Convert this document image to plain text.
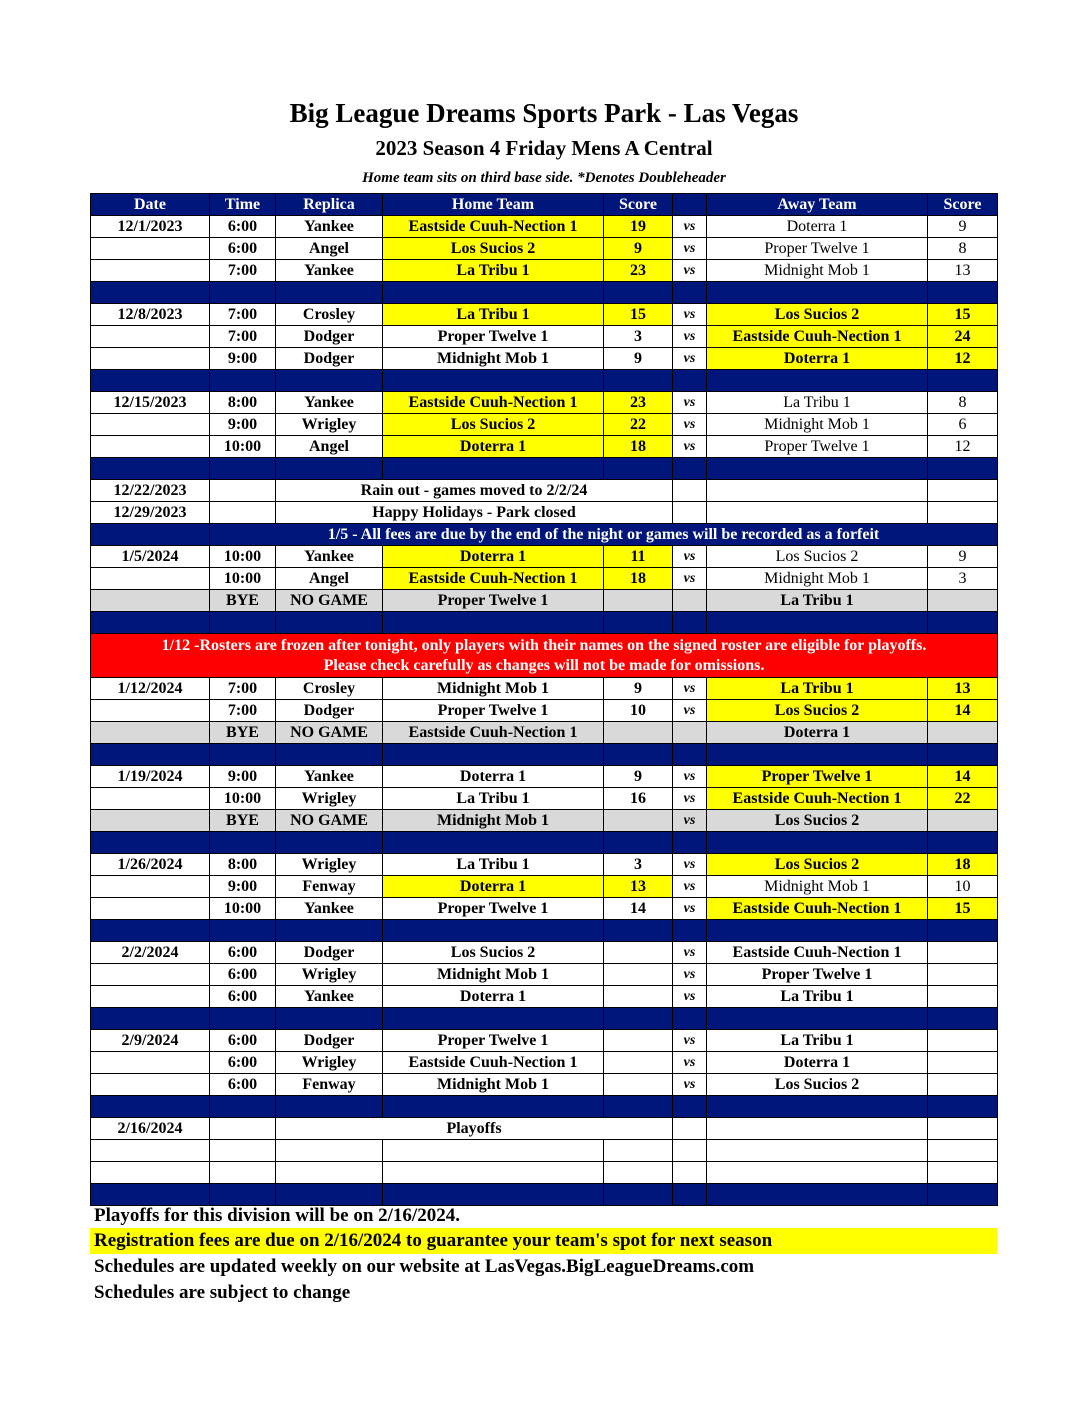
Big League Dreams Sports Park - Las Vegas
2023 Season 4 Friday Mens A Central
Home team sits on third base side. *Denotes Doubleheader
Date	Time	Replica	Home Team	Score		Away Team	Score
12/1/2023	6:00	Yankee	Eastside Cuuh-Nection 1	19	vs	Doterra 1	9
	6:00	Angel	Los Sucios 2	9	vs	Proper Twelve 1	8
	7:00	Yankee	La Tribu 1	23	vs	Midnight Mob 1	13

12/8/2023	7:00	Crosley	La Tribu 1	15	vs	Los Sucios 2	15
	7:00	Dodger	Proper Twelve 1	3	vs	Eastside Cuuh-Nection 1	24
	9:00	Dodger	Midnight Mob 1	9	vs	Doterra 1	12

12/15/2023	8:00	Yankee	Eastside Cuuh-Nection 1	23	vs	La Tribu 1	8
	9:00	Wrigley	Los Sucios 2	22	vs	Midnight Mob 1	6
	10:00	Angel	Doterra 1	18	vs	Proper Twelve 1	12

12/22/2023		Rain out - games moved to 2/2/24					
12/29/2023		Happy Holidays - Park closed					
	1/5 - All fees are due by the end of the night or games will be recorded as a forfeit						
1/5/2024	10:00	Yankee	Doterra 1	11	vs	Los Sucios 2	9
	10:00	Angel	Eastside Cuuh-Nection 1	18	vs	Midnight Mob 1	3
	BYE	NO GAME	Proper Twelve 1			La Tribu 1	

1/12 -Rosters are frozen after tonight, only players with their names on the signed roster are eligible for playoffs.
Please check carefully as changes will not be made for omissions.							

1/12/2024	7:00	Crosley	Midnight Mob 1	9	vs	La Tribu 1	13
	7:00	Dodger	Proper Twelve 1	10	vs	Los Sucios 2	14
	BYE	NO GAME	Eastside Cuuh-Nection 1			Doterra 1	

1/19/2024	9:00	Yankee	Doterra 1	9	vs	Proper Twelve 1	14
	10:00	Wrigley	La Tribu 1	16	vs	Eastside Cuuh-Nection 1	22
	BYE	NO GAME	Midnight Mob 1		vs	Los Sucios 2	

1/26/2024	8:00	Wrigley	La Tribu 1	3	vs	Los Sucios 2	18
	9:00	Fenway	Doterra 1	13	vs	Midnight Mob 1	10
	10:00	Yankee	Proper Twelve 1	14	vs	Eastside Cuuh-Nection 1	15

2/2/2024	6:00	Dodger	Los Sucios 2		vs	Eastside Cuuh-Nection 1	
	6:00	Wrigley	Midnight Mob 1		vs	Proper Twelve 1	
	6:00	Yankee	Doterra 1		vs	La Tribu 1	

2/9/2024	6:00	Dodger	Proper Twelve 1		vs	La Tribu 1	
	6:00	Wrigley	Eastside Cuuh-Nection 1		vs	Doterra 1	
	6:00	Fenway	Midnight Mob 1		vs	Los Sucios 2	

2/16/2024		Playoffs					

Playoffs for this division will be on 2/16/2024.
Registration fees are due on 2/16/2024 to guarantee your team's spot for next season
Schedules are updated weekly on our website at LasVegas.BigLeagueDreams.com
Schedules are subject to change
